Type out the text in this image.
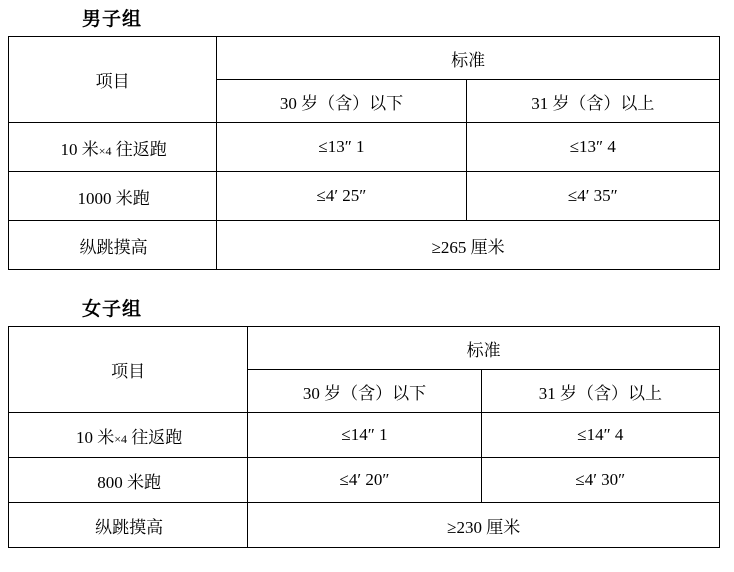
男子组
项目	标准	

	30 岁（含）以下	31 岁（含）以上

10 米×4 往返跑	≤13″ 1	≤13″ 4

1000 米跑	≤4′ 25″	≤4′ 35″

纵跳摸高	≥265 厘米	
女子组
项目	标准	

	30 岁（含）以下	31 岁（含）以上

10 米×4 往返跑	≤14″ 1	≤14″ 4

800 米跑	≤4′ 20″	≤4′ 30″

纵跳摸高	≥230 厘米	
